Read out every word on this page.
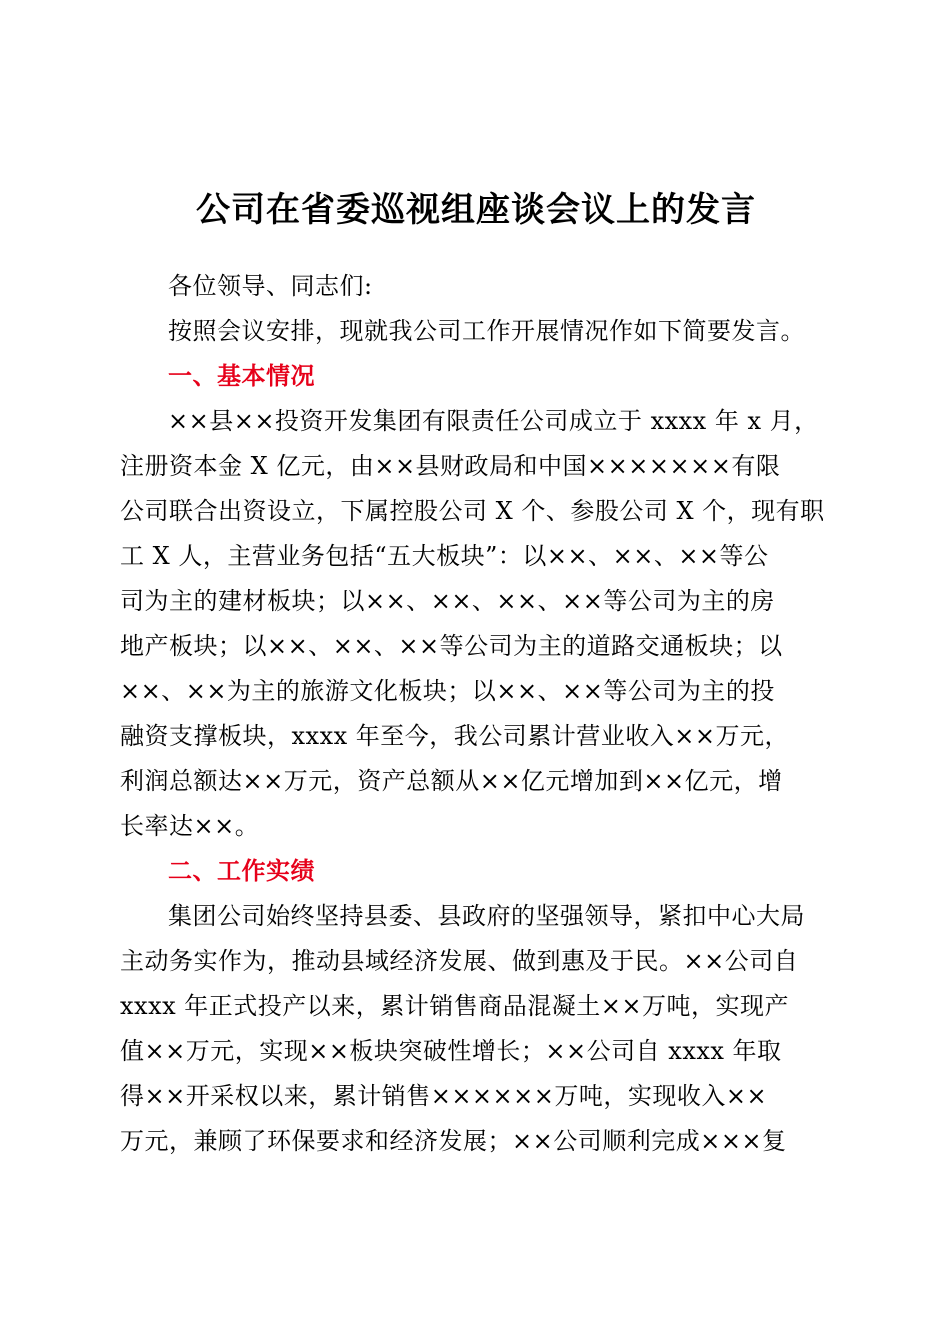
公司在省委巡视组座谈会议上的发言
各位领导、同志们:
按照会议安排，现就我公司工作开展情况作如下简要发言。
一、基本情况
××县××投资开发集团有限责任公司成立于 xxxx 年 x 月，
注册资本金 X 亿元，由××县财政局和中国×××××××有限
公司联合出资设立，下属控股公司 X 个、参股公司 X 个，现有职
工 X 人，主营业务包括“五大板块”：以××、××、××等公
司为主的建材板块；以××、××、××、××等公司为主的房
地产板块；以××、××、××等公司为主的道路交通板块；以
××、××为主的旅游文化板块；以××、××等公司为主的投
融资支撑板块，xxxx 年至今，我公司累计营业收入××万元，
利润总额达××万元，资产总额从××亿元增加到××亿元，增
长率达××。
二、工作实绩
集团公司始终坚持县委、县政府的坚强领导，紧扣中心大局
主动务实作为，推动县域经济发展、做到惠及于民。××公司自
xxxx 年正式投产以来，累计销售商品混凝土××万吨，实现产
值××万元，实现××板块突破性增长；××公司自 xxxx 年取
得××开采权以来，累计销售××××××万吨，实现收入××
万元，兼顾了环保要求和经济发展；××公司顺利完成×××复
